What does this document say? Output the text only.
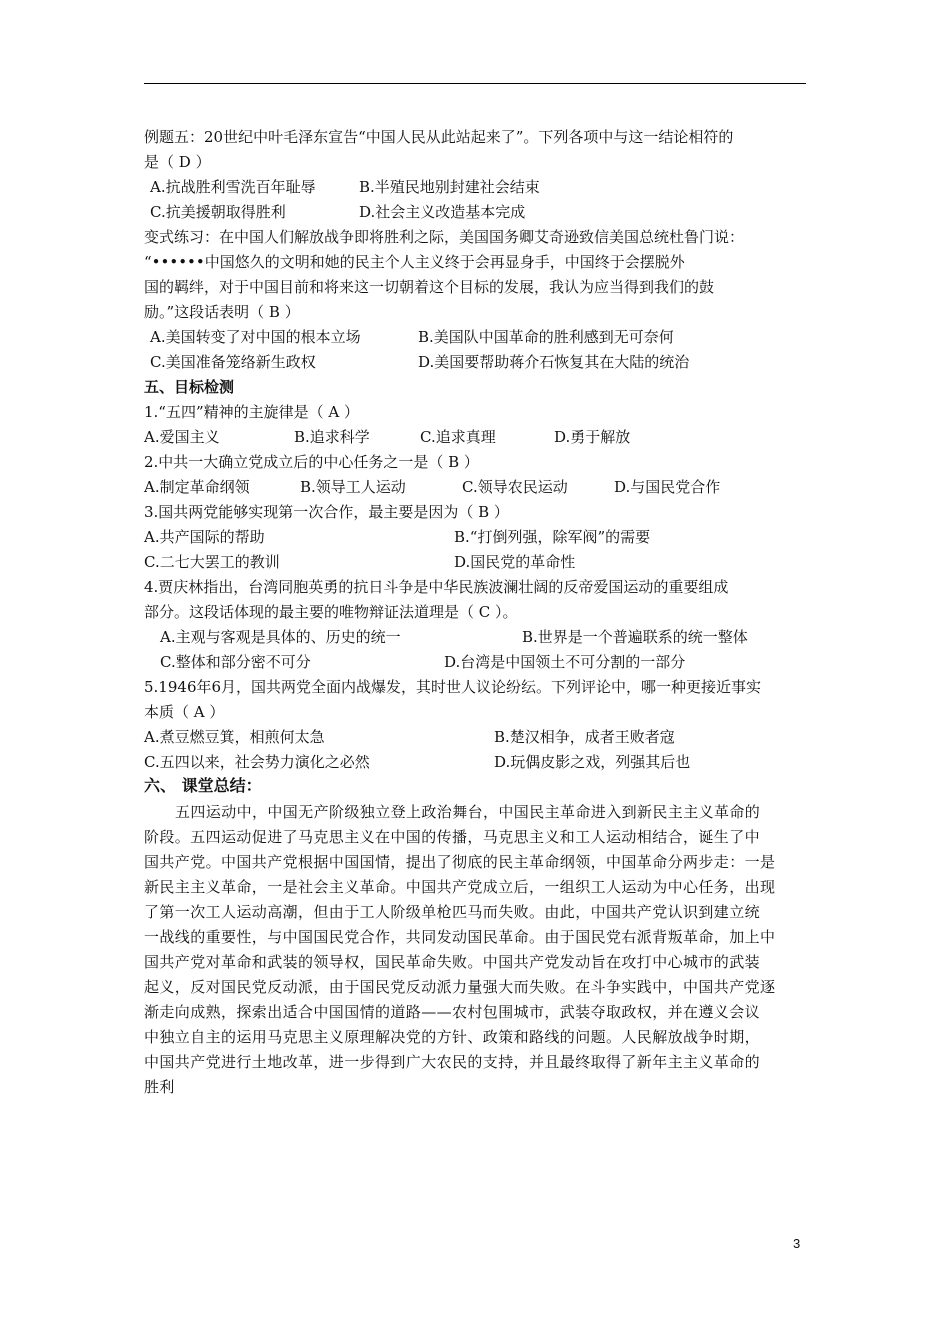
例题五：20世纪中叶毛泽东宣告“中国人民从此站起来了”。下列各项中与这一结论相符的
是（ D ）
A.抗战胜利雪洗百年耻辱	B.半殖民地别封建社会结束
C.抗美援朝取得胜利	D.社会主义改造基本完成
变式练习：在中国人们解放战争即将胜利之际，美国国务卿艾奇逊致信美国总统杜鲁门说：
“••••••中国悠久的文明和她的民主个人主义终于会再显身手，中国终于会摆脱外
国的羁绊，对于中国目前和将来这一切朝着这个目标的发展，我认为应当得到我们的鼓
励。”这段话表明（ B ）
A.美国转变了对中国的根本立场	B.美国队中国革命的胜利感到无可奈何
C.美国准备笼络新生政权	D.美国要帮助蒋介石恢复其在大陆的统治
五、目标检测
1.“五四”精神的主旋律是（ A ）
A.爱国主义	B.追求科学	C.追求真理	D.勇于解放
2.中共一大确立党成立后的中心任务之一是（ B ）
A.制定革命纲领	B.领导工人运动	C.领导农民运动	D.与国民党合作
3.国共两党能够实现第一次合作，最主要是因为（ B ）
A.共产国际的帮助	B.“打倒列强，除军阀”的需要
C.二七大罢工的教训	D.国民党的革命性
4.贾庆林指出，台湾同胞英勇的抗日斗争是中华民族波澜壮阔的反帝爱国运动的重要组成
部分。这段话体现的最主要的唯物辩证法道理是（ C ）。
A.主观与客观是具体的、历史的统一	B.世界是一个普遍联系的统一整体
C.整体和部分密不可分	D.台湾是中国领土不可分割的一部分
5.1946年6月，国共两党全面内战爆发，其时世人议论纷纭。下列评论中，哪一种更接近事实
本质（ A ）
A.煮豆燃豆箕，相煎何太急	B.楚汉相争，成者王败者寇
C.五四以来，社会势力演化之必然	D.玩偶皮影之戏，列强其后也
六、 课堂总结：
五四运动中，中国无产阶级独立登上政治舞台，中国民主革命进入到新民主主义革命的
阶段。五四运动促进了马克思主义在中国的传播，马克思主义和工人运动相结合，诞生了中
国共产党。中国共产党根据中国国情，提出了彻底的民主革命纲领，中国革命分两步走：一是
新民主主义革命，一是社会主义革命。中国共产党成立后，一组织工人运动为中心任务，出现
了第一次工人运动高潮，但由于工人阶级单枪匹马而失败。由此，中国共产党认识到建立统
一战线的重要性，与中国国民党合作，共同发动国民革命。由于国民党右派背叛革命，加上中
国共产党对革命和武装的领导权，国民革命失败。中国共产党发动旨在攻打中心城市的武装
起义，反对国民党反动派，由于国民党反动派力量强大而失败。在斗争实践中，中国共产党逐
渐走向成熟，探索出适合中国国情的道路——农村包围城市，武装夺取政权，并在遵义会议
中独立自主的运用马克思主义原理解决党的方针、政策和路线的问题。人民解放战争时期，
中国共产党进行土地改革，进一步得到广大农民的支持，并且最终取得了新年主主义革命的
胜利
3
